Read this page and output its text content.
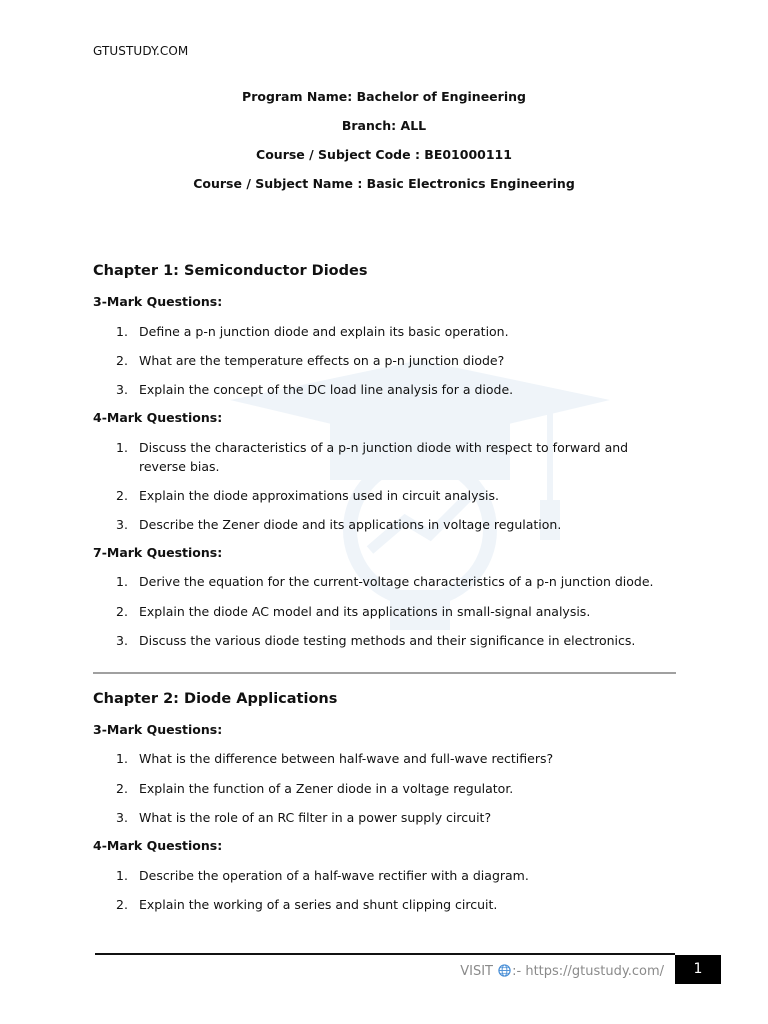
GTUSTUDY.COM
Program Name: Bachelor of Engineering
Branch: ALL
Course / Subject Code : BE01000111
Course / Subject Name : Basic Electronics Engineering
Chapter 1: Semiconductor Diodes
3-Mark Questions:
1. Define a p-n junction diode and explain its basic operation.
2. What are the temperature effects on a p-n junction diode?
3. Explain the concept of the DC load line analysis for a diode.
4-Mark Questions:
1. Discuss the characteristics of a p-n junction diode with respect to forward and reverse bias.
2. Explain the diode approximations used in circuit analysis.
3. Describe the Zener diode and its applications in voltage regulation.
7-Mark Questions:
1. Derive the equation for the current-voltage characteristics of a p-n junction diode.
2. Explain the diode AC model and its applications in small-signal analysis.
3. Discuss the various diode testing methods and their significance in electronics.
Chapter 2: Diode Applications
3-Mark Questions:
1. What is the difference between half-wave and full-wave rectifiers?
2. Explain the function of a Zener diode in a voltage regulator.
3. What is the role of an RC filter in a power supply circuit?
4-Mark Questions:
1. Describe the operation of a half-wave rectifier with a diagram.
2. Explain the working of a series and shunt clipping circuit.
VISIT :- https://gtustudy.com/	1
